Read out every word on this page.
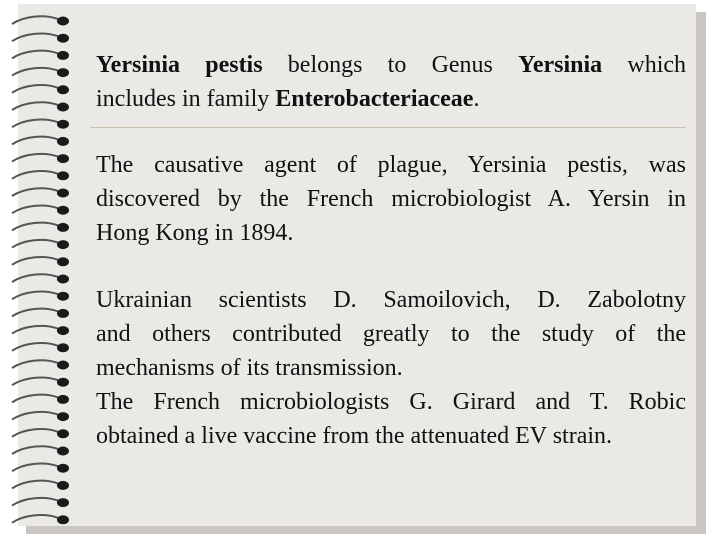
Yersinia pestis belongs to Genus Yersinia which
includes in family Enterobacteriaceae.
The causative agent of plague, Yersinia pestis, was
discovered by the French microbiologist A. Yersin in
Hong Kong in 1894.
Ukrainian scientists D. Samoilovich, D. Zabolotny
and others contributed greatly to the study of the
mechanisms of its transmission.
The French microbiologists G. Girard and T. Robic
obtained a live vaccine from the attenuated EV strain.
